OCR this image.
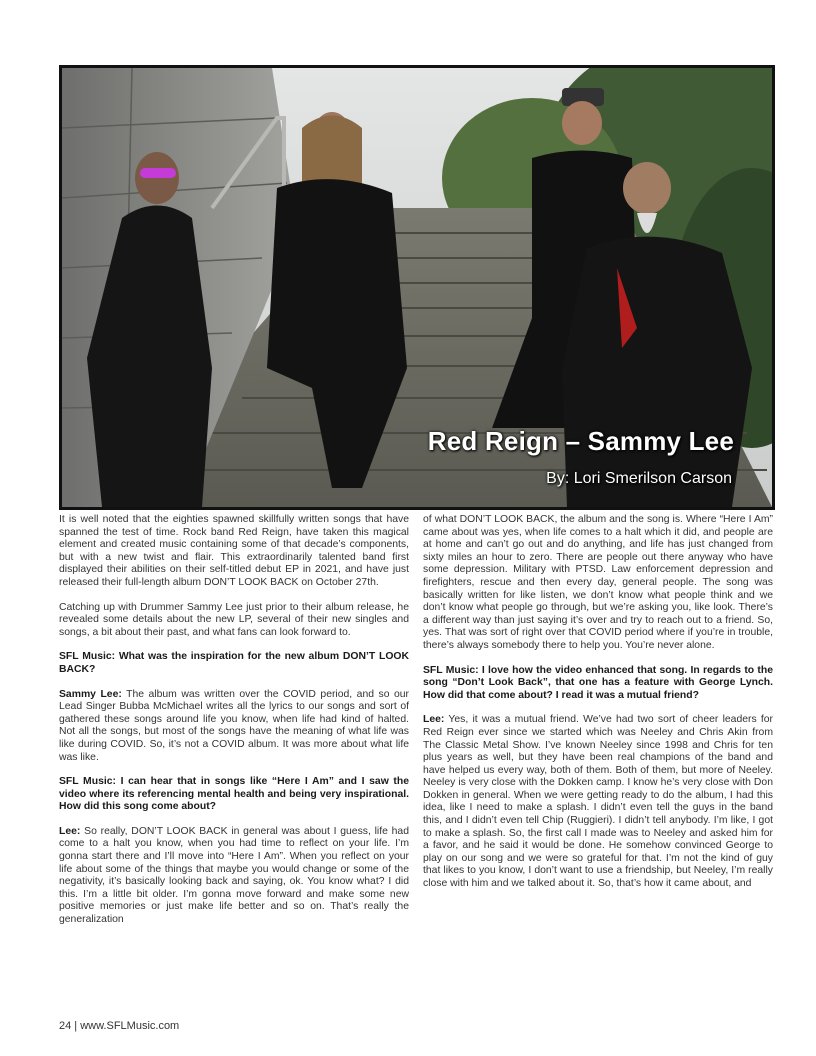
Red Reign – Sammy Lee
By: Lori Smerilson Carson

It is well noted that the eighties spawned skillfully written songs that have spanned the test of time. Rock band Red Reign, have taken this magical element and created music containing some of that decade’s components, but with a new twist and flair. This extraordinarily talented band first displayed their abilities on their self-titled debut EP in 2021, and have just released their full-length album DON’T LOOK BACK on October 27th.

Catching up with Drummer Sammy Lee just prior to their album release, he revealed some details about the new LP, several of their new singles and songs, a bit about their past, and what fans can look forward to.

SFL Music: What was the inspiration for the new album DON’T LOOK BACK?

Sammy Lee: The album was written over the COVID period, and so our Lead Singer Bubba McMichael writes all the lyrics to our songs and sort of gathered these songs around life you know, when life had kind of halted. Not all the songs, but most of the songs have the meaning of what life was like during COVID. So, it’s not a COVID album. It was more about what life was like.

SFL Music: I can hear that in songs like “Here I Am” and I saw the video where its referencing mental health and being very inspirational. How did this song come about?

Lee: So really, DON’T LOOK BACK in general was about I guess, life had come to a halt you know, when you had time to reflect on your life. I’m gonna start there and I’ll move into “Here I Am”. When you reflect on your life about some of the things that maybe you would change or some of the negativity, it’s basically looking back and saying, ok. You know what? I did this. I’m a little bit older. I’m gonna move forward and make some new positive memories or just make life better and so on. That’s really the generalization

of what DON’T LOOK BACK, the album and the song is. Where “Here I Am” came about was yes, when life comes to a halt which it did, and people are at home and can’t go out and do anything, and life has just changed from sixty miles an hour to zero. There are people out there anyway who have some depression. Military with PTSD. Law enforcement depression and firefighters, rescue and then every day, general people. The song was basically written for like listen, we don’t know what people think and we don’t know what people go through, but we’re asking you, like look. There’s a different way than just saying it’s over and try to reach out to a friend. So, yes. That was sort of right over that COVID period where if you’re in trouble, there’s always somebody there to help you. You’re never alone.

SFL Music: I love how the video enhanced that song. In regards to the song “Don’t Look Back”, that one has a feature with George Lynch. How did that come about? I read it was a mutual friend?

Lee: Yes, it was a mutual friend. We’ve had two sort of cheer leaders for Red Reign ever since we started which was Neeley and Chris Akin from The Classic Metal Show. I’ve known Neeley since 1998 and Chris for ten plus years as well, but they have been real champions of the band and have helped us every way, both of them. Both of them, but more of Neeley. Neeley is very close with the Dokken camp. I know he’s very close with Don Dokken in general. When we were getting ready to do the album, I had this idea, like I need to make a splash. I didn’t even tell the guys in the band this, and I didn’t even tell Chip (Ruggieri). I didn’t tell anybody. I’m like, I got to make a splash. So, the first call I made was to Neeley and asked him for a favor, and he said it would be done. He somehow convinced George to play on our song and we were so grateful for that. I’m not the kind of guy that likes to you know, I don’t want to use a friendship, but Neeley, I’m really close with him and we talked about it. So, that’s how it came about, and

24 | www.SFLMusic.com
